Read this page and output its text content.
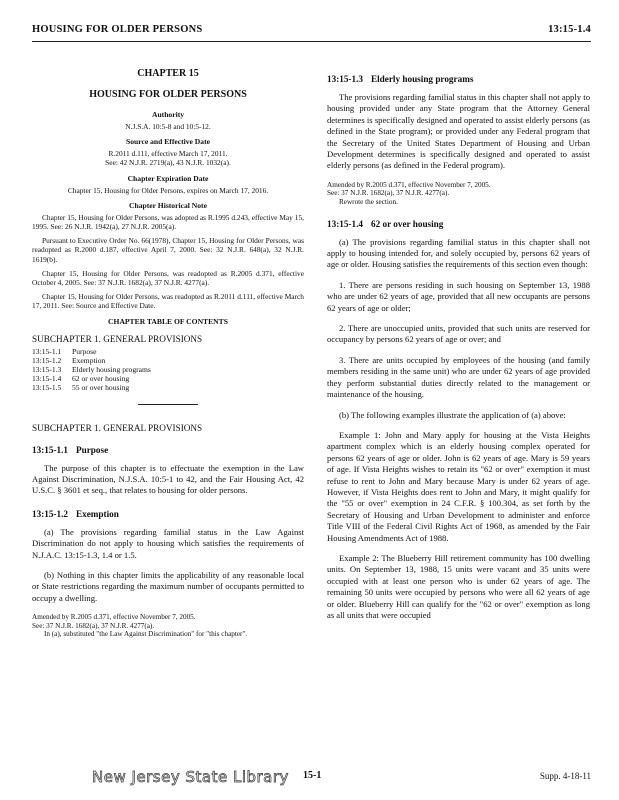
HOUSING FOR OLDER PERSONS	13:15-1.4
CHAPTER 15
HOUSING FOR OLDER PERSONS
Authority
N.J.S.A. 10:5-8 and 10:5-12.
Source and Effective Date
R.2011 d.111, effective March 17, 2011.
See: 42 N.J.R. 2719(a), 43 N.J.R. 1032(a).
Chapter Expiration Date
Chapter 15, Housing for Older Persons, expires on March 17, 2016.
Chapter Historical Note

Chapter 15, Housing for Older Persons, was adopted as R.1995 d.243, effective May 15, 1995. See: 26 N.J.R. 1942(a), 27 N.J.R. 2005(a).

Pursuant to Executive Order No. 66(1978), Chapter 15, Housing for Older Persons, was readopted as R.2000 d.187, effective April 7, 2000. See: 32 N.J.R. 648(a), 32 N.J.R. 1619(b).

Chapter 15, Housing for Older Persons, was readopted as R.2005 d.371, effective October 4, 2005. See: 37 N.J.R. 1682(a), 37 N.J.R. 4277(a).

Chapter 15, Housing for Older Persons, was readopted as R.2011 d.111, effective March 17, 2011. See: Source and Effective Date.

CHAPTER TABLE OF CONTENTS
SUBCHAPTER 1. GENERAL PROVISIONS
13:15-1.1	Purpose
13:15-1.2	Exemption
13:15-1.3	Elderly housing programs
13:15-1.4	62 or over housing
13:15-1.5	55 or over housing
SUBCHAPTER 1. GENERAL PROVISIONS
13:15-1.1 Purpose

The purpose of this chapter is to effectuate the exemption in the Law Against Discrimination, N.J.S.A. 10:5-1 to 42, and the Fair Housing Act, 42 U.S.C. § 3601 et seq., that relates to housing for older persons.

13:15-1.2 Exemption

(a) The provisions regarding familial status in the Law Against Discrimination do not apply to housing which satisfies the requirements of N.J.A.C. 13:15-1.3, 1.4 or 1.5.

(b) Nothing in this chapter limits the applicability of any reasonable local or State restrictions regarding the maximum number of occupants permitted to occupy a dwelling.

Amended by R.2005 d.371, effective November 7, 2005.
See: 37 N.J.R. 1682(a), 37 N.J.R. 4277(a).
In (a), substituted "the Law Against Discrimination" for "this chapter".
13:15-1.3 Elderly housing programs

The provisions regarding familial status in this chapter shall not apply to housing provided under any State program that the Attorney General determines is specifically designed and operated to assist elderly persons (as defined in the State program); or provided under any Federal program that the Secretary of the United States Department of Housing and Urban Development determines is specifically designed and operated to assist elderly persons (as defined in the Federal program).

Amended by R.2005 d.371, effective November 7, 2005.
See: 37 N.J.R. 1682(a), 37 N.J.R. 4277(a).
Rewrote the section.
13:15-1.4 62 or over housing

(a) The provisions regarding familial status in this chapter shall not apply to housing intended for, and solely occupied by, persons 62 years of age or older. Housing satisfies the requirements of this section even though:

1. There are persons residing in such housing on September 13, 1988 who are under 62 years of age, provided that all new occupants are persons 62 years of age or older;

2. There are unoccupied units, provided that such units are reserved for occupancy by persons 62 years of age or over; and

3. There are units occupied by employees of the housing (and family members residing in the same unit) who are under 62 years of age provided they perform substantial duties directly related to the management or maintenance of the housing.

(b) The following examples illustrate the application of (a) above:

Example 1: John and Mary apply for housing at the Vista Heights apartment complex which is an elderly housing complex operated for persons 62 years of age or older. John is 62 years of age. Mary is 59 years of age. If Vista Heights wishes to retain its "62 or over" exemption it must refuse to rent to John and Mary because Mary is under 62 years of age. However, if Vista Heights does rent to John and Mary, it might qualify for the "55 or over" exemption in 24 C.F.R. § 100.304, as set forth by the Secretary of Housing and Urban Development to administer and enforce Title VIII of the Federal Civil Rights Act of 1968, as amended by the Fair Housing Amendments Act of 1988.

Example 2: The Blueberry Hill retirement community has 100 dwelling units. On September 13, 1988, 15 units were vacant and 35 units were occupied with at least one person who is under 62 years of age. The remaining 50 units were occupied by persons who were all 62 years of age or older. Blueberry Hill can qualify for the "62 or over" exemption as long as all units that were occupied

New Jersey State Library 15-1	Supp. 4-18-11
